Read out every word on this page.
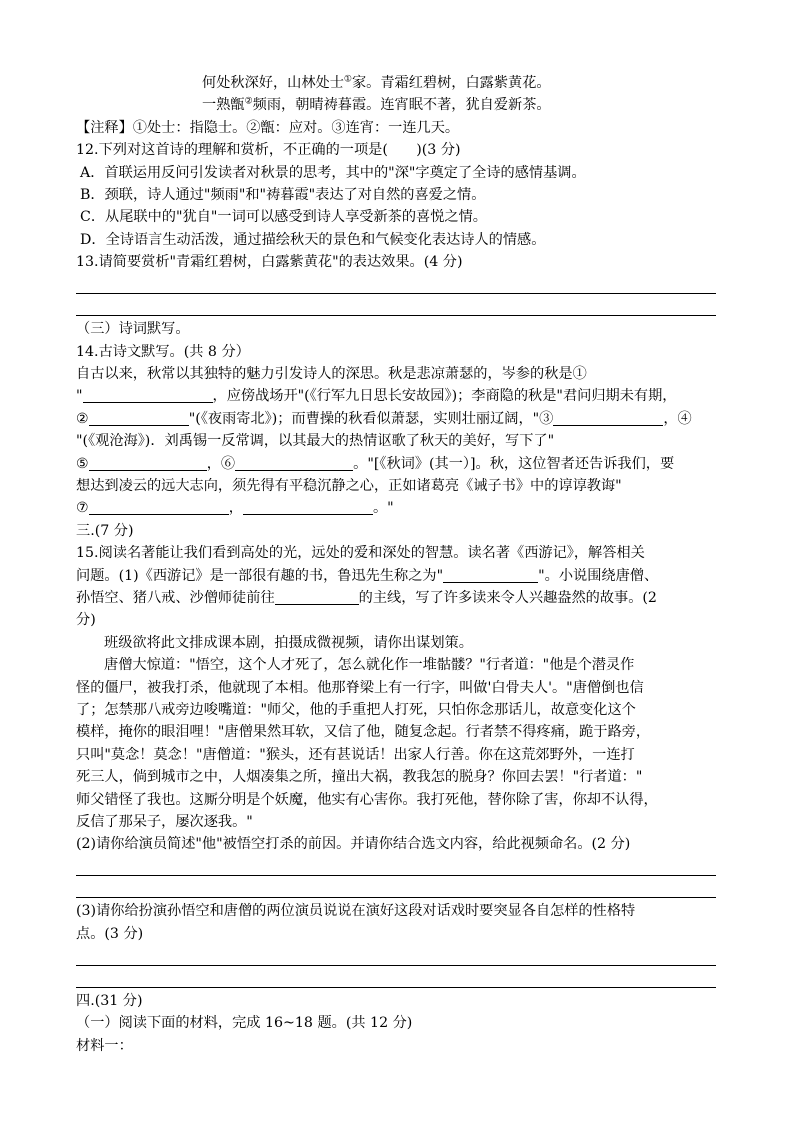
何处秋深好，山林处士①家。青霜红碧树，白露紫黄花。
一熟甑②频雨，朝晴祷暮霞。连宵眠不著，犹自爱新茶。
【注释】①处士：指隐士。②甑：应对。③连宵：一连几天。
12.下列对这首诗的理解和赏析，不正确的一项是(　　)(3 分)
A．首联运用反问引发读者对秋景的思考，其中的"深"字奠定了全诗的感情基调。
B．颈联，诗人通过"频雨"和"祷暮霞"表达了对自然的喜爱之情。
C．从尾联中的"犹自"一词可以感受到诗人享受新茶的喜悦之情。
D．全诗语言生动活泼，通过描绘秋天的景色和气候变化表达诗人的情感。
13.请简要赏析"青霜红碧树，白露紫黄花"的表达效果。(4 分)
（三）诗词默写。
14.古诗文默写。(共 8 分）
自古以来，秋常以其独特的魅力引发诗人的深思。秋是悲凉萧瑟的，岑参的秋是①
"	，应傍战场开"(《行军九日思长安故园》)；李商隐的秋是"君问归期未有期，
②	"(《夜雨寄北》)；而曹操的秋看似萧瑟，实则壮丽辽阔，"③	，④
"(《观沧海》)．刘禹锡一反常调，以其最大的热情讴歌了秋天的美好，写下了"
⑤	，⑥	。"[《秋词》(其一）]。秋，这位智者还告诉我们，要
想达到凌云的远大志向，须先得有平稳沉静之心，正如诸葛亮《诫子书》中的谆谆教诲"
⑦	，	。"
三.(7 分)
15.阅读名著能让我们看到高处的光，远处的爱和深处的智慧。读名著《西游记》，解答相关
问题。(1)《西游记》是一部很有趣的书，鲁迅先生称之为"	"。小说围绕唐僧、
孙悟空、猪八戒、沙僧师徒前往	的主线，写了许多读来令人兴趣盎然的故事。(2
分)
班级欲将此文排成课本剧，拍摄成微视频，请你出谋划策。
唐僧大惊道："悟空，这个人才死了，怎么就化作一堆骷髅？"行者道："他是个潜灵作
怪的僵尸，被我打杀，他就现了本相。他那脊梁上有一行字，叫做'白骨夫人'。"唐僧倒也信
了；怎禁那八戒旁边唆嘴道："师父，他的手重把人打死，只怕你念那话儿，故意变化这个
模样，掩你的眼泪哩！"唐僧果然耳软，又信了他，随复念起。行者禁不得疼痛，跪于路旁，
只叫"莫念！莫念！"唐僧道："猴头，还有甚说话！出家人行善。你在这荒郊野外，一连打
死三人，倘到城市之中，人烟凑集之所，撞出大祸，教我怎的脱身？你回去罢！"行者道："
师父错怪了我也。这厮分明是个妖魔，他实有心害你。我打死他，替你除了害，你却不认得，
反信了那呆子，屡次逐我。"
(2)请你给演员简述"他"被悟空打杀的前因。并请你结合选文内容，给此视频命名。(2 分)
(3)请你给扮演孙悟空和唐僧的两位演员说说在演好这段对话戏时要突显各自怎样的性格特
点。(3 分)
四.(31 分)
（一）阅读下面的材料，完成 16~18 题。(共 12 分)
材料一：
